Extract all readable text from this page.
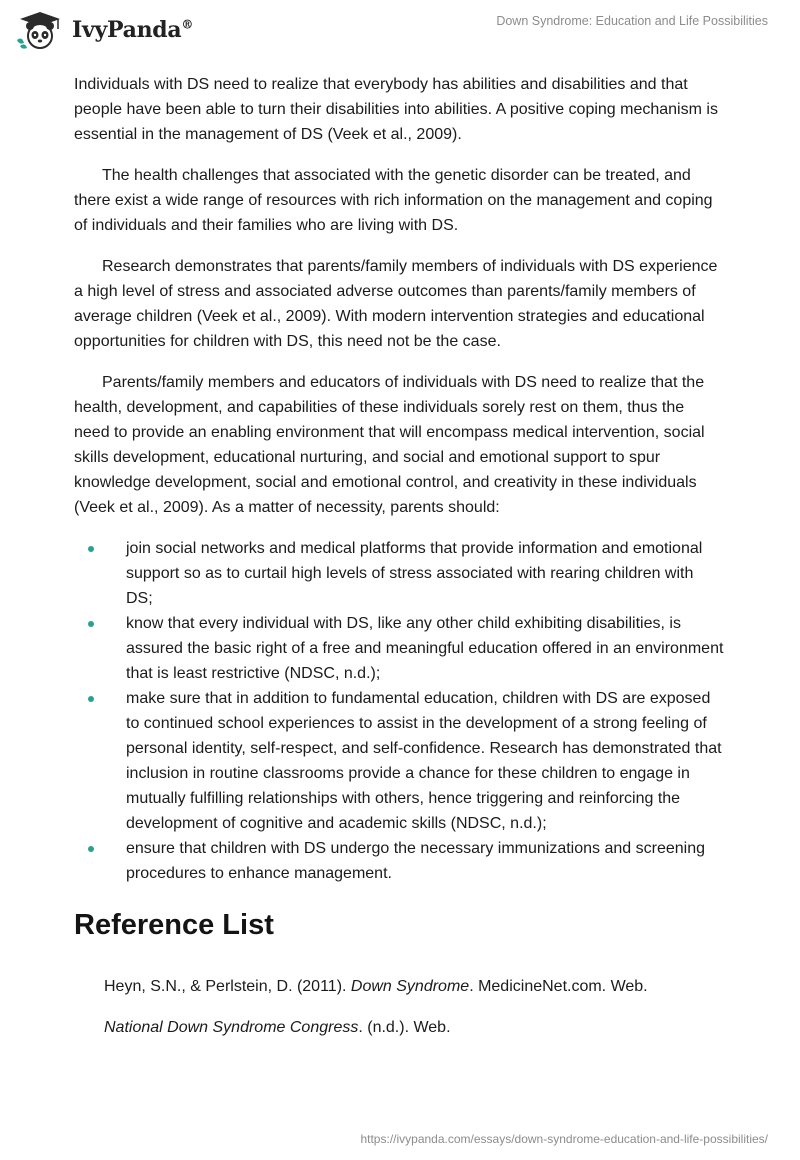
IvyPanda®	Down Syndrome: Education and Life Possibilities

Individuals with DS need to realize that everybody has abilities and disabilities and that people have been able to turn their disabilities into abilities. A positive coping mechanism is essential in the management of DS (Veek et al., 2009).

The health challenges that associated with the genetic disorder can be treated, and there exist a wide range of resources with rich information on the management and coping of individuals and their families who are living with DS.

Research demonstrates that parents/family members of individuals with DS experience a high level of stress and associated adverse outcomes than parents/family members of average children (Veek et al., 2009). With modern intervention strategies and educational opportunities for children with DS, this need not be the case.

Parents/family members and educators of individuals with DS need to realize that the health, development, and capabilities of these individuals sorely rest on them, thus the need to provide an enabling environment that will encompass medical intervention, social skills development, educational nurturing, and social and emotional support to spur knowledge development, social and emotional control, and creativity in these individuals (Veek et al., 2009). As a matter of necessity, parents should:

join social networks and medical platforms that provide information and emotional support so as to curtail high levels of stress associated with rearing children with DS;
know that every individual with DS, like any other child exhibiting disabilities, is assured the basic right of a free and meaningful education offered in an environment that is least restrictive (NDSC, n.d.);
make sure that in addition to fundamental education, children with DS are exposed to continued school experiences to assist in the development of a strong feeling of personal identity, self-respect, and self-confidence. Research has demonstrated that inclusion in routine classrooms provide a chance for these children to engage in mutually fulfilling relationships with others, hence triggering and reinforcing the development of cognitive and academic skills (NDSC, n.d.);
ensure that children with DS undergo the necessary immunizations and screening procedures to enhance management.
Reference List

Heyn, S.N., & Perlstein, D. (2011). Down Syndrome. MedicineNet.com. Web.

National Down Syndrome Congress. (n.d.). Web.

https://ivypanda.com/essays/down-syndrome-education-and-life-possibilities/
